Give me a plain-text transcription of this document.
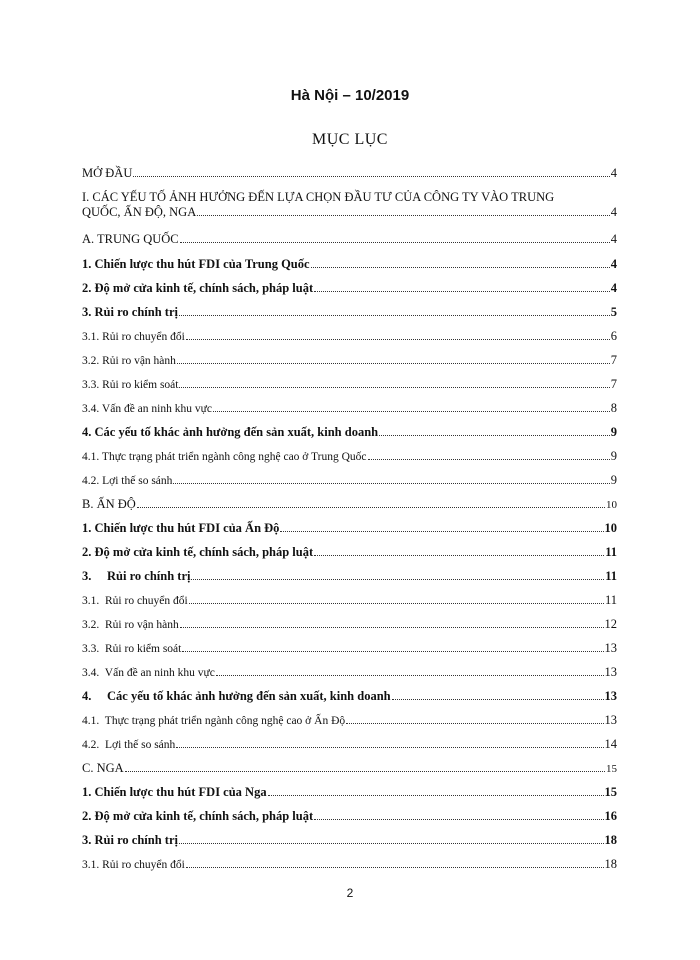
Hà Nội – 10/2019
MỤC LỤC
MỞ ĐẦU	4
I. CÁC YẾU TỐ ẢNH HƯỞNG ĐẾN LỰA CHỌN ĐẦU TƯ CỦA CÔNG TY VÀO TRUNG
QUỐC, ẤN ĐỘ, NGA	4
A. TRUNG QUỐC	4
1. Chiến lược thu hút FDI của Trung Quốc	4
2. Độ mở cửa kinh tế, chính sách, pháp luật	4
3. Rủi ro chính trị	5
3.1. Rủi ro chuyển đổi	6
3.2. Rủi ro vận hành	7
3.3. Rủi ro kiểm soát	7
3.4. Vấn đề an ninh khu vực	8
4. Các yếu tố khác ảnh hưởng đến sản xuất, kinh doanh	9
4.1. Thực trạng phát triển ngành công nghệ cao ở Trung Quốc	9
4.2. Lợi thế so sánh	9
B. ẤN ĐỘ	10
1. Chiến lược thu hút FDI của Ấn Độ	10
2. Độ mở cửa kinh tế, chính sách, pháp luật	11
3.     Rủi ro chính trị	11
3.1.  Rủi ro chuyển đổi	11
3.2.  Rủi ro vận hành	12
3.3.  Rủi ro kiểm soát	13
3.4.  Vấn đề an ninh khu vực	13
4.     Các yếu tố khác ảnh hưởng đến sản xuất, kinh doanh	13
4.1.  Thực trạng phát triển ngành công nghệ cao ở Ấn Độ	13
4.2.  Lợi thế so sánh	14
C. NGA	15
1. Chiến lược thu hút FDI của Nga	15
2. Độ mở cửa kinh tế, chính sách, pháp luật	16
3. Rủi ro chính trị	18
3.1. Rủi ro chuyển đổi	18
2
